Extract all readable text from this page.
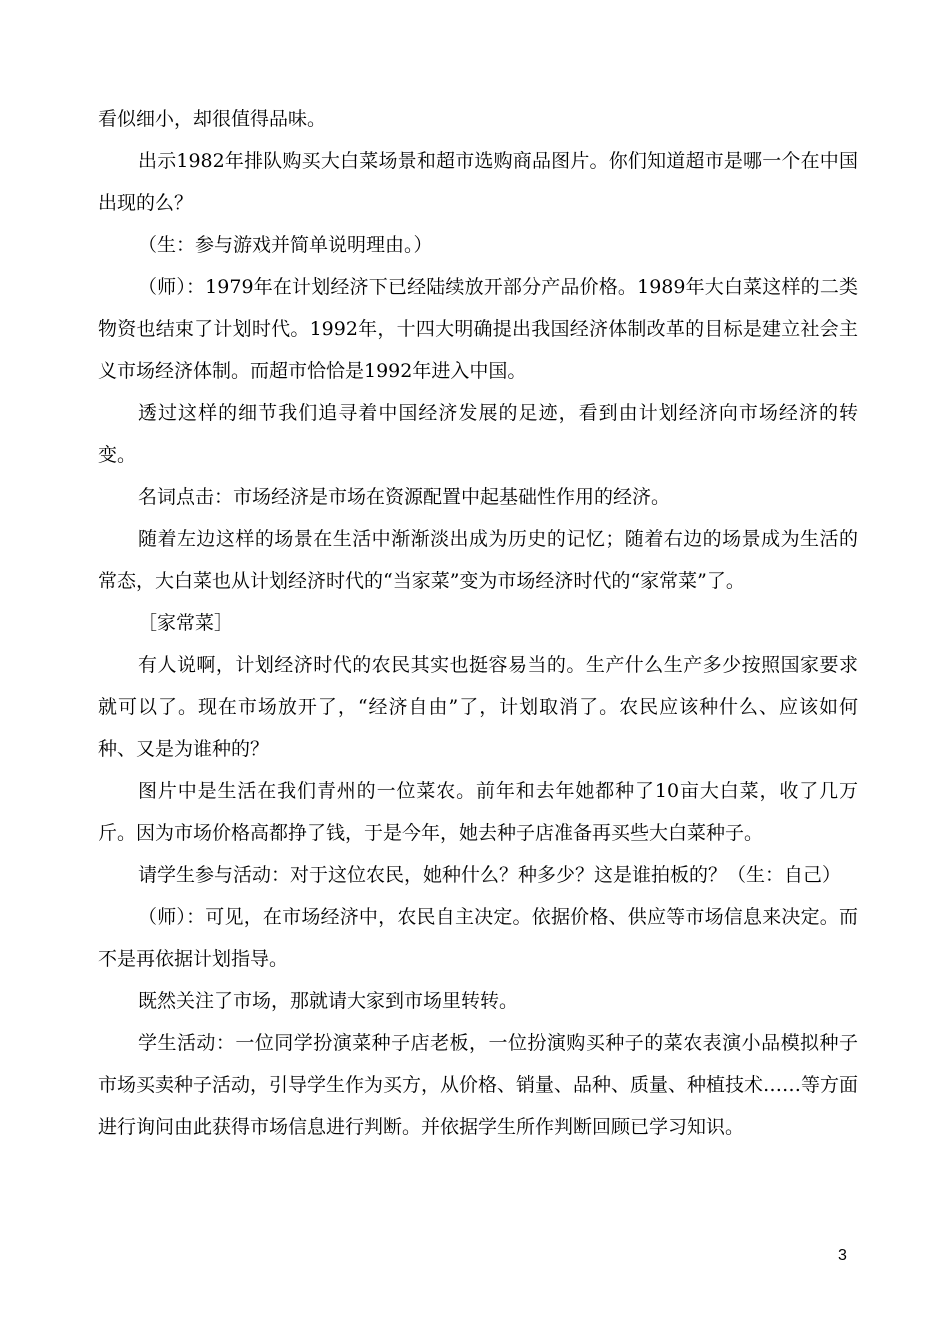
看似细小，却很值得品味。

出示1982年排队购买大白菜场景和超市选购商品图片。你们知道超市是哪一个在中国出现的么？

（生：参与游戏并简单说明理由。）

（师）：1979年在计划经济下已经陆续放开部分产品价格。1989年大白菜这样的二类物资也结束了计划时代。1992年，十四大明确提出我国经济体制改革的目标是建立社会主义市场经济体制。而超市恰恰是1992年进入中国。

透过这样的细节我们追寻着中国经济发展的足迹，看到由计划经济向市场经济的转变。

名词点击：市场经济是市场在资源配置中起基础性作用的经济。

随着左边这样的场景在生活中渐渐淡出成为历史的记忆；随着右边的场景成为生活的常态，大白菜也从计划经济时代的“当家菜”变为市场经济时代的“家常菜”了。

［家常菜］

有人说啊，计划经济时代的农民其实也挺容易当的。生产什么生产多少按照国家要求就可以了。现在市场放开了，“经济自由”了，计划取消了。农民应该种什么、应该如何种、又是为谁种的？

图片中是生活在我们青州的一位菜农。前年和去年她都种了10亩大白菜，收了几万斤。因为市场价格高都挣了钱，于是今年，她去种子店准备再买些大白菜种子。

请学生参与活动：对于这位农民，她种什么？种多少？这是谁拍板的？（生：自己）

（师）：可见，在市场经济中，农民自主决定。依据价格、供应等市场信息来决定。而不是再依据计划指导。

既然关注了市场，那就请大家到市场里转转。

学生活动：一位同学扮演菜种子店老板，一位扮演购买种子的菜农表演小品模拟种子市场买卖种子活动，引导学生作为买方，从价格、销量、品种、质量、种植技术……等方面进行询问由此获得市场信息进行判断。并依据学生所作判断回顾已学习知识。

3
